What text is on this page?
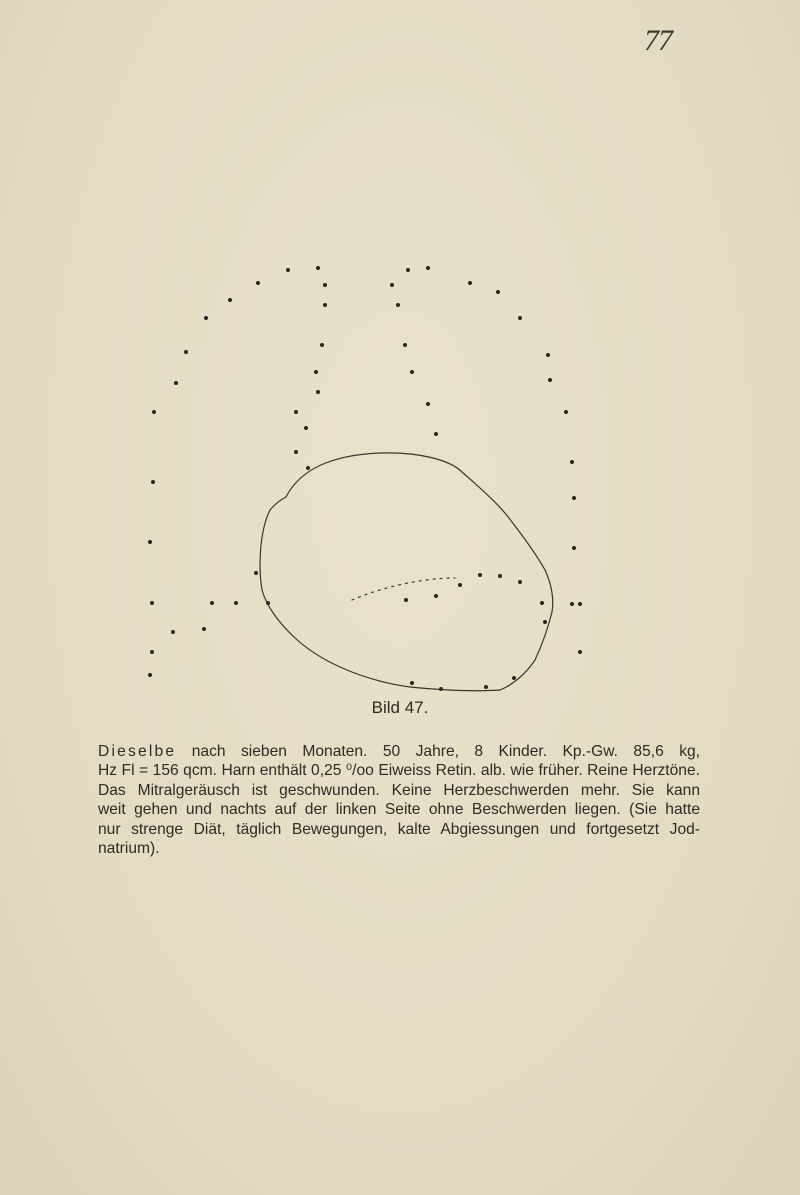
77
Bild 47.
Dieselbe nach sieben Monaten. 50 Jahre, 8 Kinder. Kp.-Gw. 85,6 kg,
Hz Fl = 156 qcm. Harn enthält 0,25 ⁰/oo Eiweiss Retin. alb. wie früher. Reine Herztöne.
Das Mitralgeräusch ist geschwunden. Keine Herzbeschwerden mehr. Sie kann
weit gehen und nachts auf der linken Seite ohne Beschwerden liegen. (Sie hatte
nur strenge Diät, täglich Bewegungen, kalte Abgiessungen und fortgesetzt Jod-
natrium).
